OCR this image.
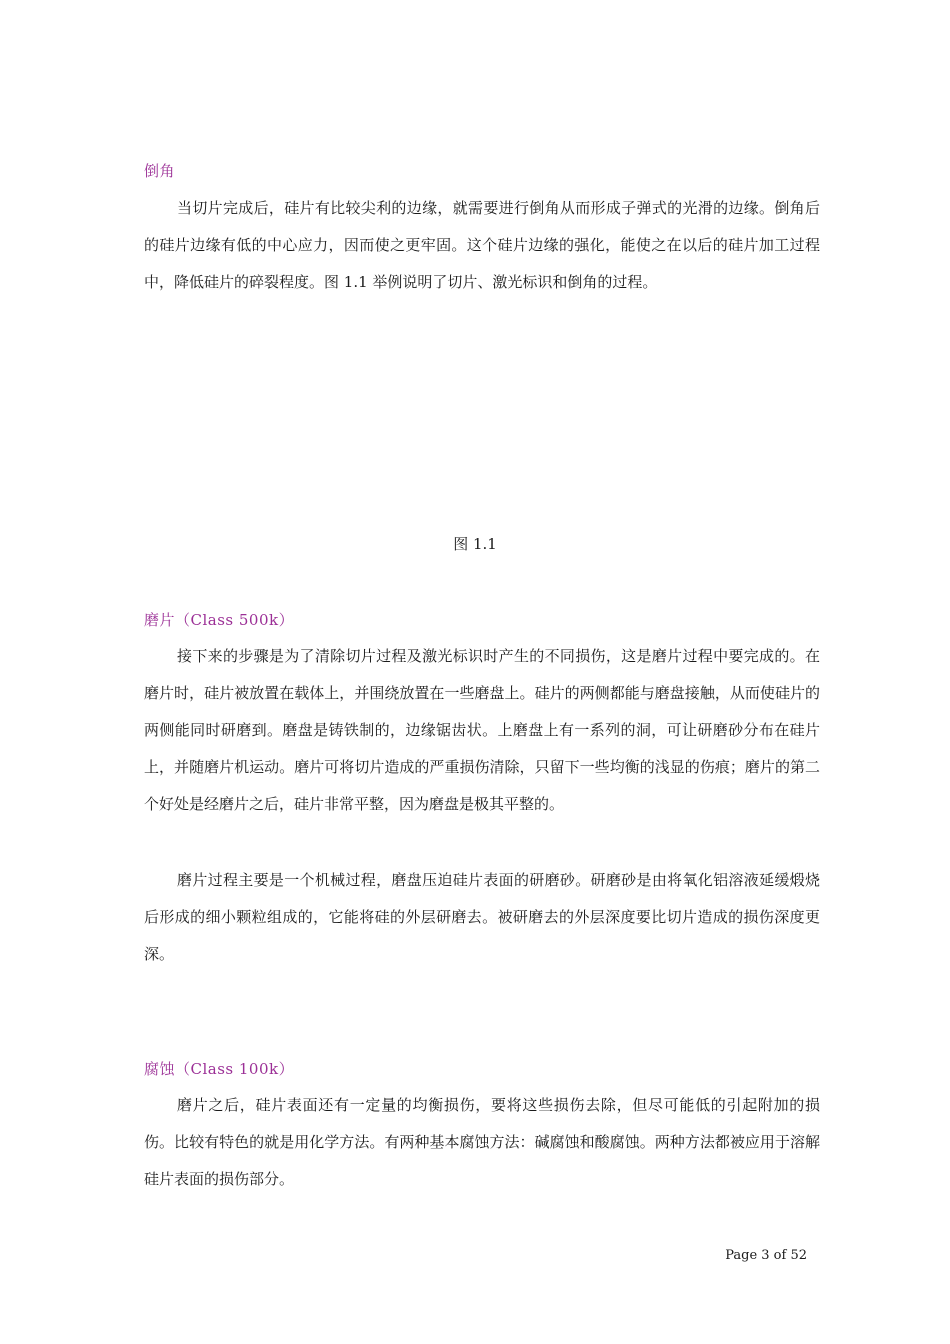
倒角

当切片完成后，硅片有比较尖利的边缘，就需要进行倒角从而形成子弹式的光滑的边缘。倒角后的硅片边缘有低的中心应力，因而使之更牢固。这个硅片边缘的强化，能使之在以后的硅片加工过程中，降低硅片的碎裂程度。图 1.1 举例说明了切片、激光标识和倒角的过程。

图 1.1
磨片（Class 500k）

接下来的步骤是为了清除切片过程及激光标识时产生的不同损伤，这是磨片过程中要完成的。在磨片时，硅片被放置在载体上，并围绕放置在一些磨盘上。硅片的两侧都能与磨盘接触，从而使硅片的两侧能同时研磨到。磨盘是铸铁制的，边缘锯齿状。上磨盘上有一系列的洞，可让研磨砂分布在硅片上，并随磨片机运动。磨片可将切片造成的严重损伤清除，只留下一些均衡的浅显的伤痕；磨片的第二个好处是经磨片之后，硅片非常平整，因为磨盘是极其平整的。

磨片过程主要是一个机械过程，磨盘压迫硅片表面的研磨砂。研磨砂是由将氧化铝溶液延缓煅烧后形成的细小颗粒组成的，它能将硅的外层研磨去。被研磨去的外层深度要比切片造成的损伤深度更深。

腐蚀（Class 100k）

磨片之后，硅片表面还有一定量的均衡损伤，要将这些损伤去除，但尽可能低的引起附加的损伤。比较有特色的就是用化学方法。有两种基本腐蚀方法：碱腐蚀和酸腐蚀。两种方法都被应用于溶解硅片表面的损伤部分。

Page 3 of 52
